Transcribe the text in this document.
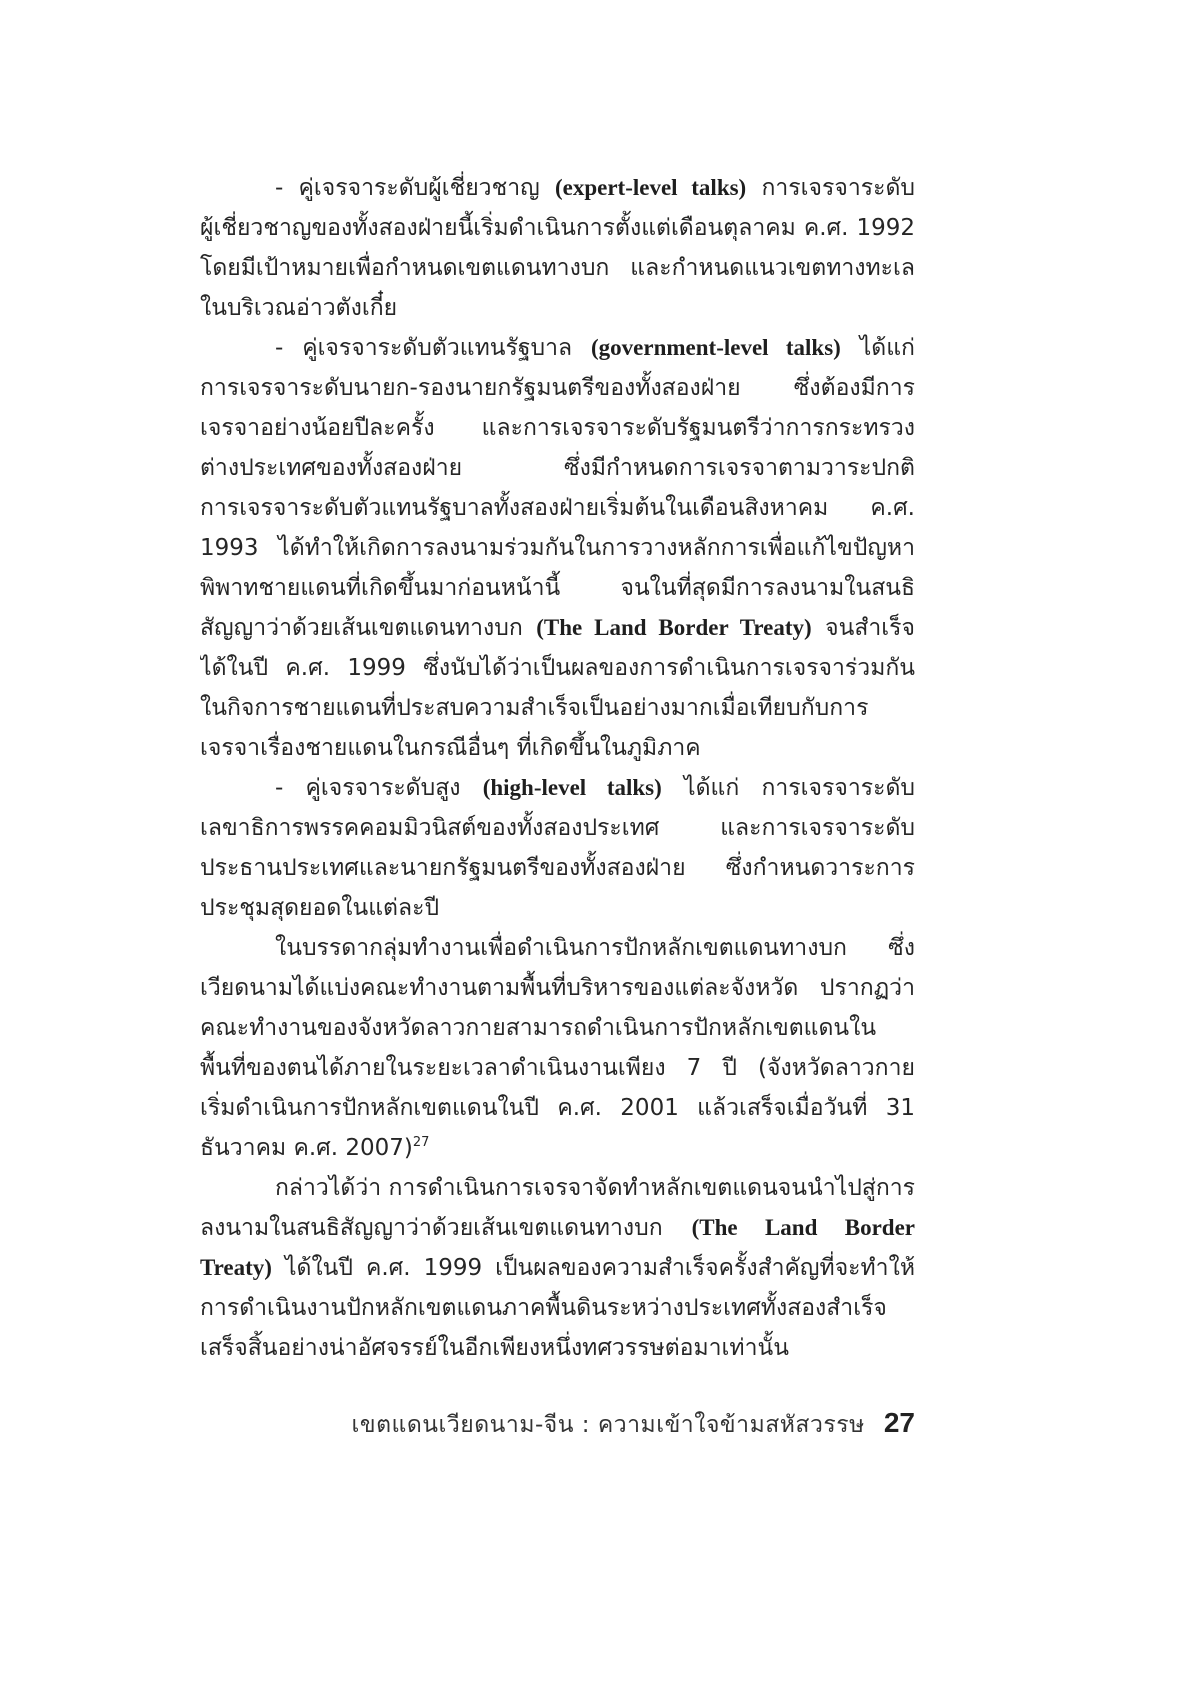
- คู่เจรจาระดับผู้เชี่ยวชาญ (expert-level talks) การเจรจาระดับ
ผู้เชี่ยวชาญของทั้งสองฝ่ายนี้เริ่มดำเนินการตั้งแต่เดือนตุลาคม ค.ศ. 1992
โดยมีเป้าหมายเพื่อกำหนดเขตแดนทางบก และกำหนดแนวเขตทางทะเล
ในบริเวณอ่าวตังเกี๋ย
- คู่เจรจาระดับตัวแทนรัฐบาล (government-level talks) ได้แก่
การเจรจาระดับนายก-รองนายกรัฐมนตรีของทั้งสองฝ่าย ซึ่งต้องมีการ
เจรจาอย่างน้อยปีละครั้ง และการเจรจาระดับรัฐมนตรีว่าการกระทรวง
ต่างประเทศของทั้งสองฝ่าย ซึ่งมีกำหนดการเจรจาตามวาระปกติ
การเจรจาระดับตัวแทนรัฐบาลทั้งสองฝ่ายเริ่มต้นในเดือนสิงหาคม ค.ศ.
1993 ได้ทำให้เกิดการลงนามร่วมกันในการวางหลักการเพื่อแก้ไขปัญหา
พิพาทชายแดนที่เกิดขึ้นมาก่อนหน้านี้ จนในที่สุดมีการลงนามในสนธิ
สัญญาว่าด้วยเส้นเขตแดนทางบก (The Land Border Treaty) จนสำเร็จ
ได้ในปี ค.ศ. 1999 ซึ่งนับได้ว่าเป็นผลของการดำเนินการเจรจาร่วมกัน
ในกิจการชายแดนที่ประสบความสำเร็จเป็นอย่างมากเมื่อเทียบกับการ
เจรจาเรื่องชายแดนในกรณีอื่นๆ ที่เกิดขึ้นในภูมิภาค
- คู่เจรจาระดับสูง (high-level talks) ได้แก่ การเจรจาระดับ
เลขาธิการพรรคคอมมิวนิสต์ของทั้งสองประเทศ และการเจรจาระดับ
ประธานประเทศและนายกรัฐมนตรีของทั้งสองฝ่าย ซึ่งกำหนดวาระการ
ประชุมสุดยอดในแต่ละปี
ในบรรดากลุ่มทำงานเพื่อดำเนินการปักหลักเขตแดนทางบก ซึ่ง
เวียดนามได้แบ่งคณะทำงานตามพื้นที่บริหารของแต่ละจังหวัด ปรากฏว่า
คณะทำงานของจังหวัดลาวกายสามารถดำเนินการปักหลักเขตแดนใน
พื้นที่ของตนได้ภายในระยะเวลาดำเนินงานเพียง 7 ปี (จังหวัดลาวกาย
เริ่มดำเนินการปักหลักเขตแดนในปี ค.ศ. 2001 แล้วเสร็จเมื่อวันที่ 31
ธันวาคม ค.ศ. 2007)$^{27}$
กล่าวได้ว่า การดำเนินการเจรจาจัดทำหลักเขตแดนจนนำไปสู่การ
ลงนามในสนธิสัญญาว่าด้วยเส้นเขตแดนทางบก (The Land Border
Treaty) ได้ในปี ค.ศ. 1999 เป็นผลของความสำเร็จครั้งสำคัญที่จะทำให้
การดำเนินงานปักหลักเขตแดนภาคพื้นดินระหว่างประเทศทั้งสองสำเร็จ
เสร็จสิ้นอย่างน่าอัศจรรย์ในอีกเพียงหนึ่งทศวรรษต่อมาเท่านั้น
เขตแดนเวียดนาม-จีน : ความเข้าใจข้ามสหัสวรรษ 27
